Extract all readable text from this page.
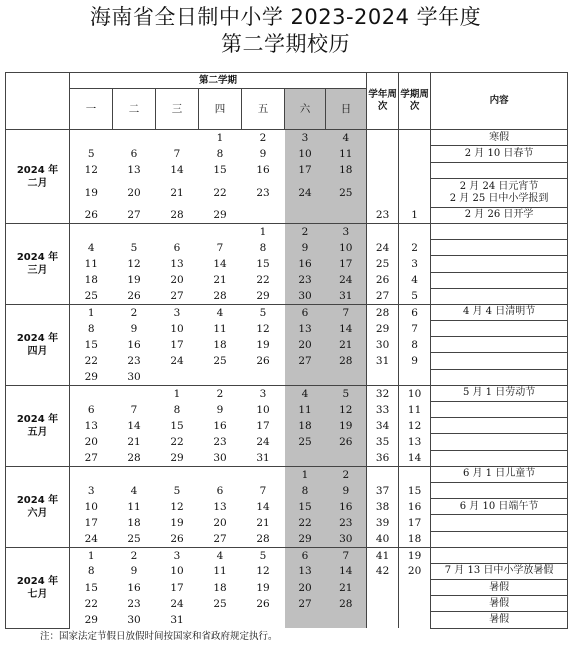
海南省全日制中小学 2023-2024 学年度
第二学期校历
	第二学期							学年周次	学期周次	内容
	一	二	三	四	五	六	日			
2024 年
二月				1	2	3	4			寒假
	5	6	7	8	9	10	11			2 月 10 日春节
	12	13	14	15	16	17	18			
	19	20	21	22	23	24	25			2 月 24 日元宵节
2 月 25 日中小学报到
	26	27	28	29				23	1	2 月 26 日开学
2024 年
三月					1	2	3			
	4	5	6	7	8	9	10	24	2	
	11	12	13	14	15	16	17	25	3	
	18	19	20	21	22	23	24	26	4	
	25	26	27	28	29	30	31	27	5	
2024 年
四月	1	2	3	4	5	6	7	28	6	4 月 4 日清明节
	8	9	10	11	12	13	14	29	7	
	15	16	17	18	19	20	21	30	8	
	22	23	24	25	26	27	28	31	9	
	29	30								
2024 年
五月			1	2	3	4	5	32	10	5 月 1 日劳动节
	6	7	8	9	10	11	12	33	11	
	13	14	15	16	17	18	19	34	12	
	20	21	22	23	24	25	26	35	13	
	27	28	29	30	31			36	14	
2024 年
六月						1	2			6 月 1 日儿童节
	3	4	5	6	7	8	9	37	15	
	10	11	12	13	14	15	16	38	16	6 月 10 日端午节
	17	18	19	20	21	22	23	39	17	
	24	25	26	27	28	29	30	40	18	
2024 年
七月	1	2	3	4	5	6	7	41	19	
	8	9	10	11	12	13	14	42	20	7 月 13 日中小学放暑假
	15	16	17	18	19	20	21			暑假
	22	23	24	25	26	27	28			暑假
	29	30	31							暑假
注：国家法定节假日放假时间按国家和省政府规定执行。
